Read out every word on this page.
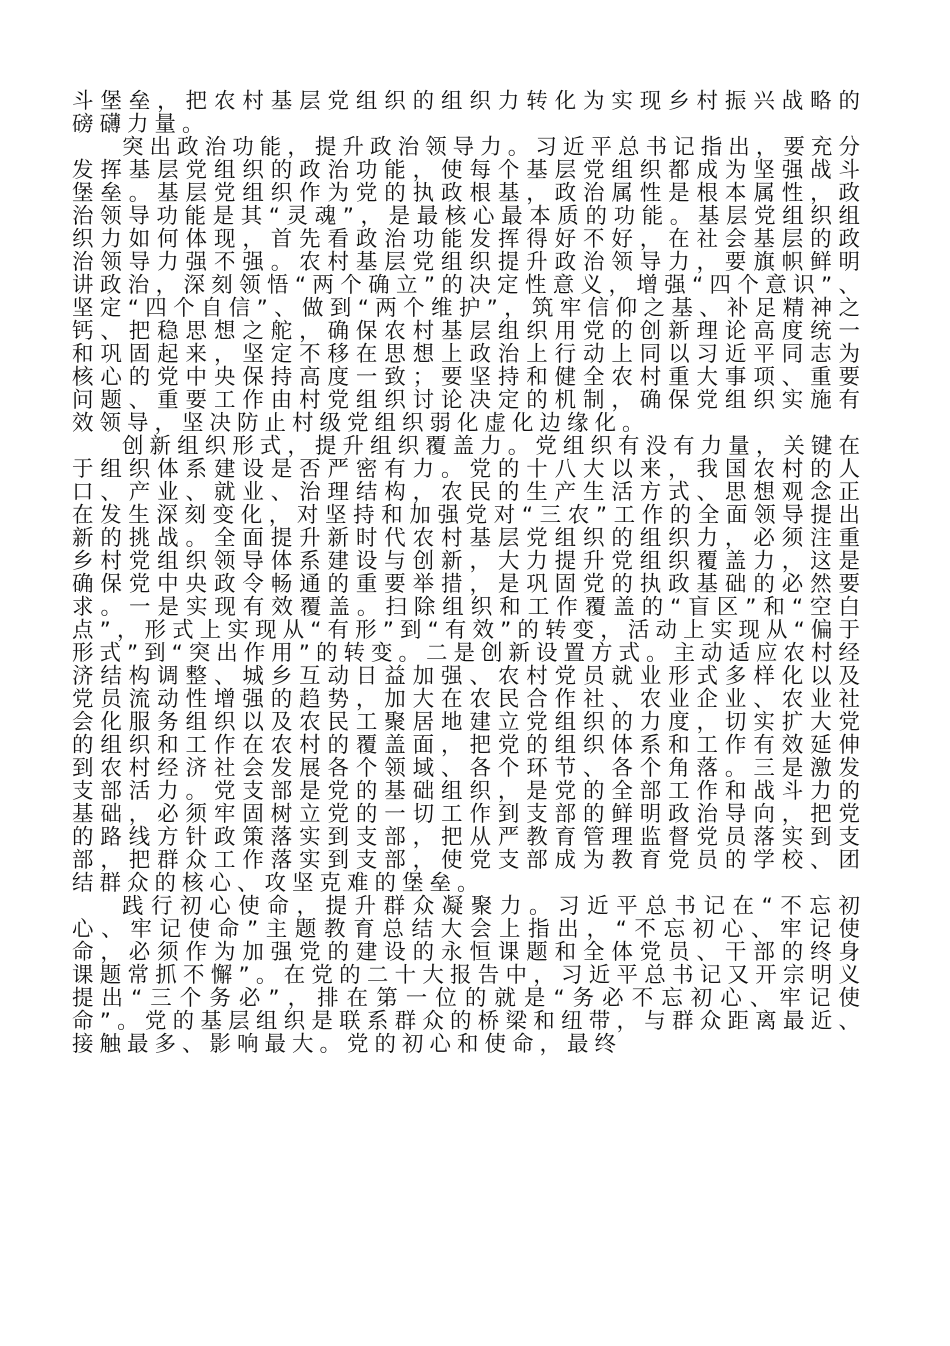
斗堡垒，把农村基层党组织的组织力转化为实现乡村振兴战略的磅礴力量。

突出政治功能，提升政治领导力。习近平总书记指出，要充分发挥基层党组织的政治功能，使每个基层党组织都成为坚强战斗堡垒。基层党组织作为党的执政根基，政治属性是根本属性，政治领导功能是其“灵魂”，是最核心最本质的功能。基层党组织组织力如何体现，首先看政治功能发挥得好不好，在社会基层的政治领导力强不强。农村基层党组织提升政治领导力，要旗帜鲜明讲政治，深刻领悟“两个确立”的决定性意义，增强“四个意识”、坚定“四个自信”、做到“两个维护”，筑牢信仰之基、补足精神之钙、把稳思想之舵，确保农村基层组织用党的创新理论高度统一和巩固起来，坚定不移在思想上政治上行动上同以习近平同志为核心的党中央保持高度一致；要坚持和健全农村重大事项、重要问题、重要工作由村党组织讨论决定的机制，确保党组织实施有效领导，坚决防止村级党组织弱化虚化边缘化。

创新组织形式，提升组织覆盖力。党组织有没有力量，关键在于组织体系建设是否严密有力。党的十八大以来，我国农村的人口、产业、就业、治理结构，农民的生产生活方式、思想观念正在发生深刻变化，对坚持和加强党对“三农”工作的全面领导提出新的挑战。全面提升新时代农村基层党组织的组织力，必须注重乡村党组织领导体系建设与创新，大力提升党组织覆盖力，这是确保党中央政令畅通的重要举措，是巩固党的执政基础的必然要求。一是实现有效覆盖。扫除组织和工作覆盖的“盲区”和“空白点”，形式上实现从“有形”到“有效”的转变，活动上实现从“偏于形式”到“突出作用”的转变。二是创新设置方式。主动适应农村经济结构调整、城乡互动日益加强、农村党员就业形式多样化以及党员流动性增强的趋势，加大在农民合作社、农业企业、农业社会化服务组织以及农民工聚居地建立党组织的力度，切实扩大党的组织和工作在农村的覆盖面，把党的组织体系和工作有效延伸到农村经济社会发展各个领域、各个环节、各个角落。三是激发支部活力。党支部是党的基础组织，是党的全部工作和战斗力的基础，必须牢固树立党的一切工作到支部的鲜明政治导向，把党的路线方针政策落实到支部，把从严教育管理监督党员落实到支部，把群众工作落实到支部，使党支部成为教育党员的学校、团结群众的核心、攻坚克难的堡垒。

践行初心使命，提升群众凝聚力。习近平总书记在“不忘初心、牢记使命”主题教育总结大会上指出，“不忘初心、牢记使命，必须作为加强党的建设的永恒课题和全体党员、干部的终身课题常抓不懈”。在党的二十大报告中，习近平总书记又开宗明义提出“三个务必”，排在第一位的就是“务必不忘初心、牢记使命”。党的基层组织是联系群众的桥梁和纽带，与群众距离最近、接触最多、影响最大。党的初心和使命，最终
